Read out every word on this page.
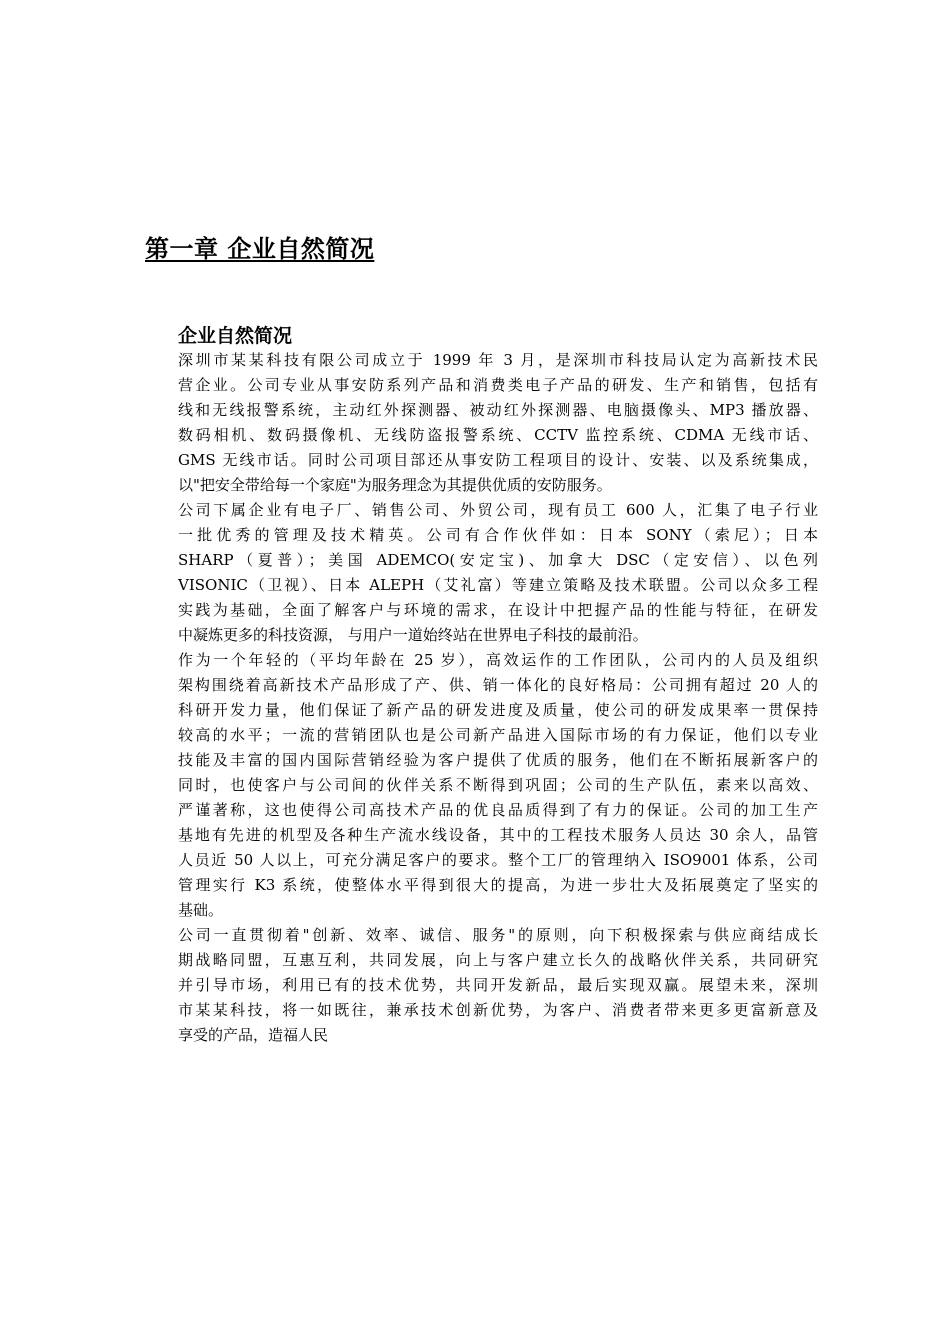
第一章 企业自然简况
企业自然简况
深圳市某某科技有限公司成立于 1999 年 3 月，是深圳市科技局认定为高新技术民
营企业。公司专业从事安防系列产品和消费类电子产品的研发、生产和销售，包括有
线和无线报警系统，主动红外探测器、被动红外探测器、电脑摄像头、MP3 播放器、
数码相机、数码摄像机、无线防盗报警系统、CCTV 监控系统、CDMA 无线市话、
GMS 无线市话。同时公司项目部还从事安防工程项目的设计、安装、以及系统集成，
以"把安全带给每一个家庭"为服务理念为其提供优质的安防服务。
公司下属企业有电子厂、销售公司、外贸公司，现有员工 600 人，汇集了电子行业
一批优秀的管理及技术精英。公司有合作伙伴如：日本 SONY（索尼）；日本
SHARP（夏普）；美国 ADEMCO(安定宝)、加拿大 DSC（定安信）、以色列
VISONIC（卫视）、日本 ALEPH（艾礼富）等建立策略及技术联盟。公司以众多工程
实践为基础，全面了解客户与环境的需求，在设计中把握产品的性能与特征，在研发
中凝炼更多的科技资源， 与用户一道始终站在世界电子科技的最前沿。
作为一个年轻的（平均年龄在 25 岁），高效运作的工作团队，公司内的人员及组织
架构围绕着高新技术产品形成了产、供、销一体化的良好格局：公司拥有超过 20 人的
科研开发力量，他们保证了新产品的研发进度及质量，使公司的研发成果率一贯保持
较高的水平；一流的营销团队也是公司新产品进入国际市场的有力保证，他们以专业
技能及丰富的国内国际营销经验为客户提供了优质的服务，他们在不断拓展新客户的
同时，也使客户与公司间的伙伴关系不断得到巩固；公司的生产队伍，素来以高效、
严谨著称，这也使得公司高技术产品的优良品质得到了有力的保证。公司的加工生产
基地有先进的机型及各种生产流水线设备，其中的工程技术服务人员达 30 余人，品管
人员近 50 人以上，可充分满足客户的要求。整个工厂的管理纳入 ISO9001 体系，公司
管理实行 K3 系统，使整体水平得到很大的提高，为进一步壮大及拓展奠定了坚实的
基础。
公司一直贯彻着"创新、效率、诚信、服务"的原则，向下积极探索与供应商结成长
期战略同盟，互惠互利，共同发展，向上与客户建立长久的战略伙伴关系，共同研究
并引导市场，利用已有的技术优势，共同开发新品，最后实现双赢。展望未来，深圳
市某某科技，将一如既往，兼承技术创新优势，为客户、消费者带来更多更富新意及
享受的产品，造福人民
